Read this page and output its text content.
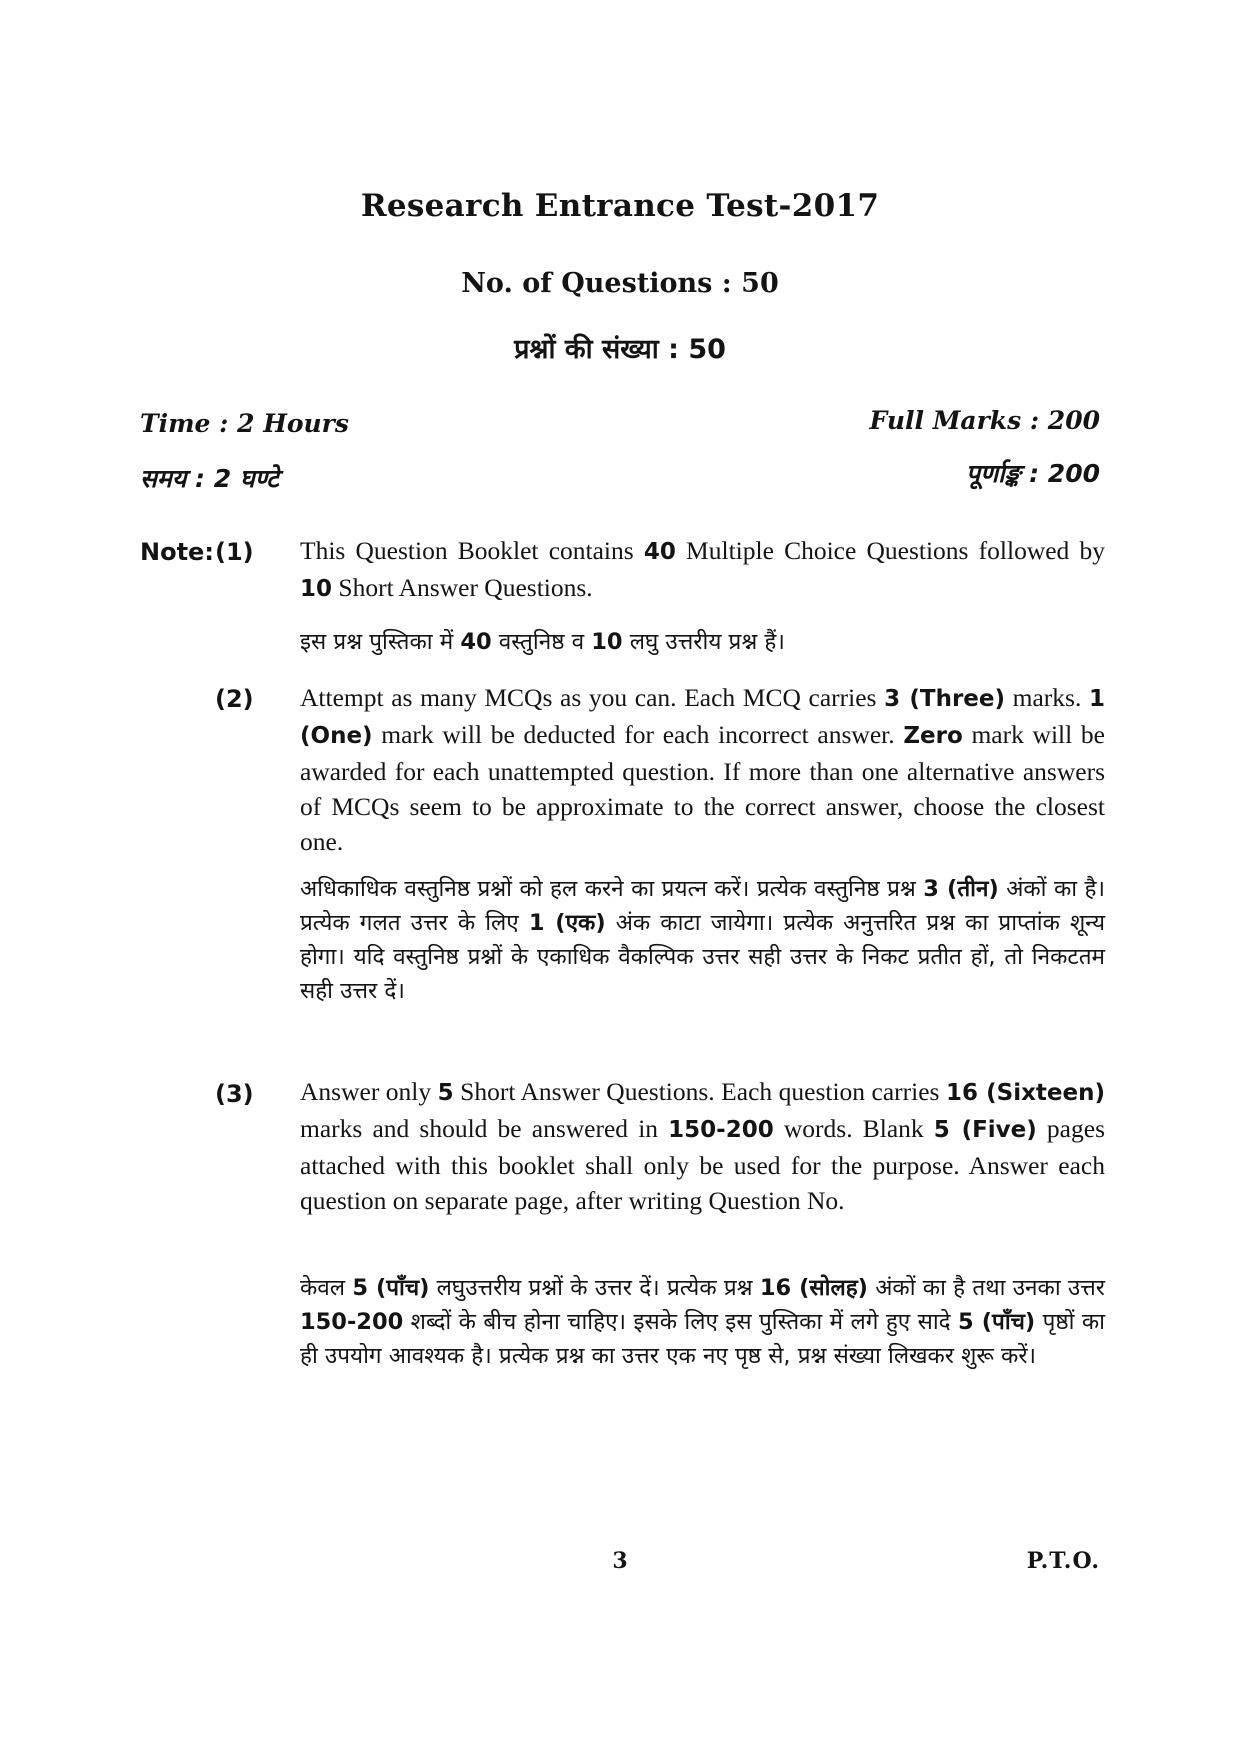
Research Entrance Test-2017
No. of Questions : 50
प्रश्नों की संख्या : 50
Time : 2 Hours	Full Marks : 200
समय : 2 घण्टे	पूर्णाङ्क : 200
Note: (1) This Question Booklet contains 40 Multiple Choice Questions followed by 10 Short Answer Questions.
इस प्रश्न पुस्तिका में 40 वस्तुनिष्ठ व 10 लघु उत्तरीय प्रश्न हैं।
(2) Attempt as many MCQs as you can. Each MCQ carries 3 (Three) marks. 1 (One) mark will be deducted for each incorrect answer. Zero mark will be awarded for each unattempted question. If more than one alternative answers of MCQs seem to be approximate to the correct answer, choose the closest one.
अधिकाधिक वस्तुनिष्ठ प्रश्नों को हल करने का प्रयत्न करें। प्रत्येक वस्तुनिष्ठ प्रश्न 3 (तीन) अंकों का है। प्रत्येक गलत उत्तर के लिए 1 (एक) अंक काटा जायेगा। प्रत्येक अनुत्तरित प्रश्न का प्राप्तांक शून्य होगा। यदि वस्तुनिष्ठ प्रश्नों के एकाधिक वैकल्पिक उत्तर सही उत्तर के निकट प्रतीत हों, तो निकटतम सही उत्तर दें।
(3) Answer only 5 Short Answer Questions. Each question carries 16 (Sixteen) marks and should be answered in 150-200 words. Blank 5 (Five) pages attached with this booklet shall only be used for the purpose. Answer each question on separate page, after writing Question No.
केवल 5 (पाँच) लघुउत्तरीय प्रश्नों के उत्तर दें। प्रत्येक प्रश्न 16 (सोलह) अंकों का है तथा उनका उत्तर 150-200 शब्दों के बीच होना चाहिए। इसके लिए इस पुस्तिका में लगे हुए सादे 5 (पाँच) पृष्ठों का ही उपयोग आवश्यक है। प्रत्येक प्रश्न का उत्तर एक नए पृष्ठ से, प्रश्न संख्या लिखकर शुरू करें।
3	P.T.O.
